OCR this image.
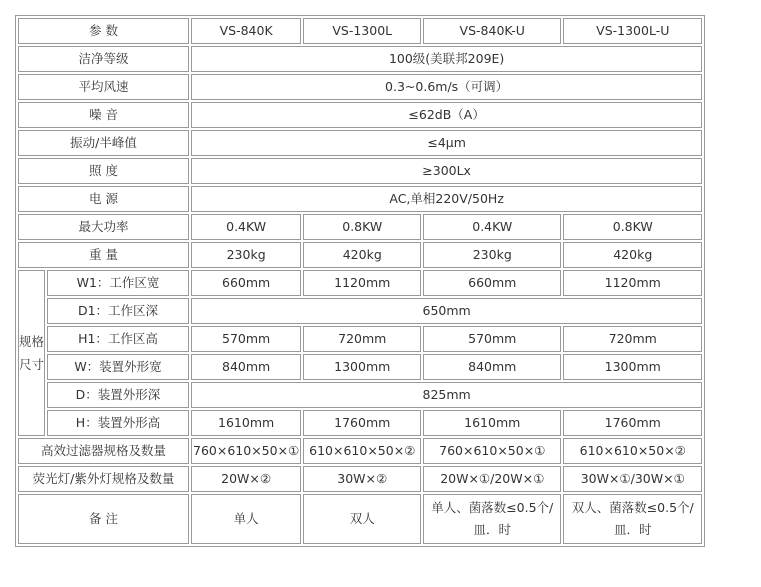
参 数		VS-840K	VS-1300L	VS-840K-U	VS-1300L-U
洁净等级		100级(美联邦209E)			
平均风速		0.3~0.6m/s（可调）			
噪 音		≤62dB（A）			
振动/半峰值		≤4μm			
照 度		≥300Lx			
电 源		AC,单相220V/50Hz			
最大功率		0.4KW	0.8KW	0.4KW	0.8KW
重 量		230kg	420kg	230kg	420kg
规格尺寸	W1：工作区宽	660mm	1120mm	660mm	1120mm
	D1：工作区深	650mm			
	H1：工作区高	570mm	720mm	570mm	720mm
	W：装置外形宽	840mm	1300mm	840mm	1300mm
	D：装置外形深	825mm			
	H：装置外形高	1610mm	1760mm	1610mm	1760mm
高效过滤器规格及数量		760×610×50×①	610×610×50×②	760×610×50×①	610×610×50×②
荧光灯/紫外灯规格及数量		20W×②	30W×②	20W×①/20W×①	30W×①/30W×①
备 注		单人	双人	单人、菌落数≤0.5个/皿．时	双人、菌落数≤0.5个/皿．时
